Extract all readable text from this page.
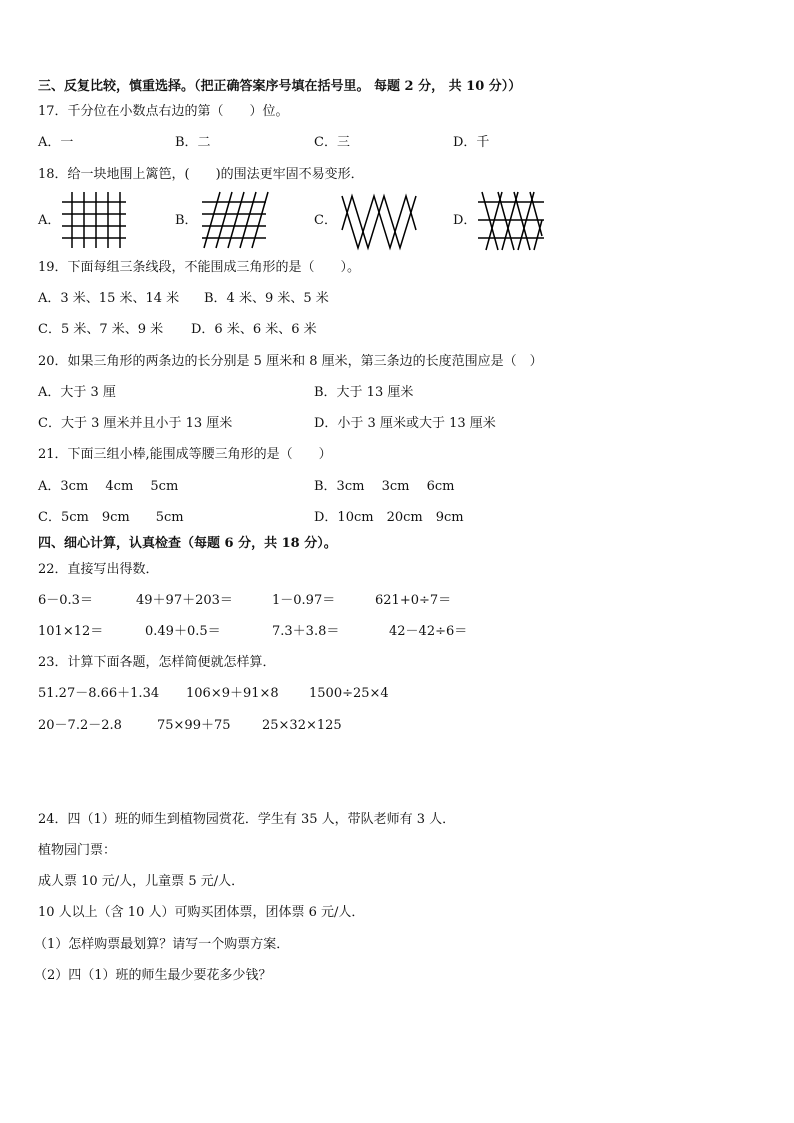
三、反复比较，慎重选择。（把正确答案序号填在括号里。 每题 2 分， 共 10 分））
17．千分位在小数点右边的第（　　）位。
A．一	B．二	C．三	D．千
18．给一块地围上篱笆，(　　)的围法更牢固不易变形．
A．	B．	C．	D．
19．下面每组三条线段，不能围成三角形的是（　　）。
A．3 米、15 米、14 米 B．4 米、9 米、5 米
C．5 米、7 米、9 米 D．6 米、6 米、6 米
20．如果三角形的两条边的长分别是 5 厘米和 8 厘米，第三条边的长度范围应是（　）
A．大于 3 厘	B．大于 13 厘米
C．大于 3 厘米并且小于 13 厘米	D．小于 3 厘米或大于 13 厘米
21．下面三组小棒,能围成等腰三角形的是（　　）
A．3cm　 4cm　 5cm	B．3cm　 3cm　 6cm
C．5cm　9cm　　5cm	D．10cm　20cm　9cm
四、细心计算，认真检查（每题 6 分，共 18 分）。
22．直接写出得数．
6－0.3＝	49＋97＋203＝	1－0.97＝	621+0÷7＝
101×12＝	0.49＋0.5＝	7.3＋3.8＝	42－42÷6＝
23．计算下面各题，怎样简便就怎样算．
51.27－8.66＋1.34 106×9＋91×8 1500÷25×4
20－7.2－2.8	75×99＋75 25×32×125
24．四（1）班的师生到植物园赏花．学生有 35 人，带队老师有 3 人．
植物园门票：
成人票 10 元/人，儿童票 5 元/人．
10 人以上（含 10 人）可购买团体票，团体票 6 元/人．
（1）怎样购票最划算？请写一个购票方案．
（2）四（1）班的师生最少要花多少钱？
